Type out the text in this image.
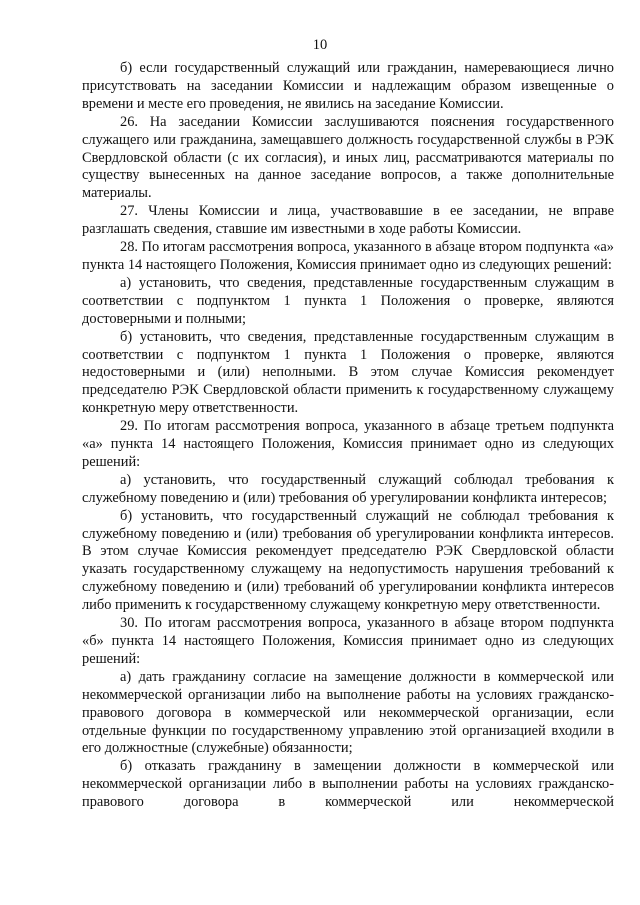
10

б) если государственный служащий или гражданин, намеревающиеся лично присутствовать на заседании Комиссии и надлежащим образом извещенные о времени и месте его проведения, не явились на заседание Комиссии.

26. На заседании Комиссии заслушиваются пояснения государственного служащего или гражданина, замещавшего должность государственной службы в РЭК Свердловской области (с их согласия), и иных лиц, рассматриваются материалы по существу вынесенных на данное заседание вопросов, а также дополнительные материалы.

27. Члены Комиссии и лица, участвовавшие в ее заседании, не вправе разглашать сведения, ставшие им известными в ходе работы Комиссии.

28. По итогам рассмотрения вопроса, указанного в абзаце втором подпункта «а» пункта 14 настоящего Положения, Комиссия принимает одно из следующих решений:

а) установить, что сведения, представленные государственным служащим в соответствии с подпунктом 1 пункта 1 Положения о проверке, являются достоверными и полными;

б) установить, что сведения, представленные государственным служащим в соответствии с подпунктом 1 пункта 1 Положения о проверке, являются недостоверными и (или) неполными. В этом случае Комиссия рекомендует председателю РЭК Свердловской области применить к государственному служащему конкретную меру ответственности.

29. По итогам рассмотрения вопроса, указанного в абзаце третьем подпункта «а» пункта 14 настоящего Положения, Комиссия принимает одно из следующих решений:

а) установить, что государственный служащий соблюдал требования к служебному поведению и (или) требования об урегулировании конфликта интересов;

б) установить, что государственный служащий не соблюдал требования к служебному поведению и (или) требования об урегулировании конфликта интересов. В этом случае Комиссия рекомендует председателю РЭК Свердловской области указать государственному служащему на недопустимость нарушения требований к служебному поведению и (или) требований об урегулировании конфликта интересов либо применить к государственному служащему конкретную меру ответственности.

30. По итогам рассмотрения вопроса, указанного в абзаце втором подпункта «б» пункта 14 настоящего Положения, Комиссия принимает одно из следующих решений:

а) дать гражданину согласие на замещение должности в коммерческой или некоммерческой организации либо на выполнение работы на условиях гражданско-правового договора в коммерческой или некоммерческой организации, если отдельные функции по государственному управлению этой организацией входили в его должностные (служебные) обязанности;

б) отказать гражданину в замещении должности в коммерческой или некоммерческой организации либо в выполнении работы на условиях гражданско-правового договора в коммерческой или некоммерческой
